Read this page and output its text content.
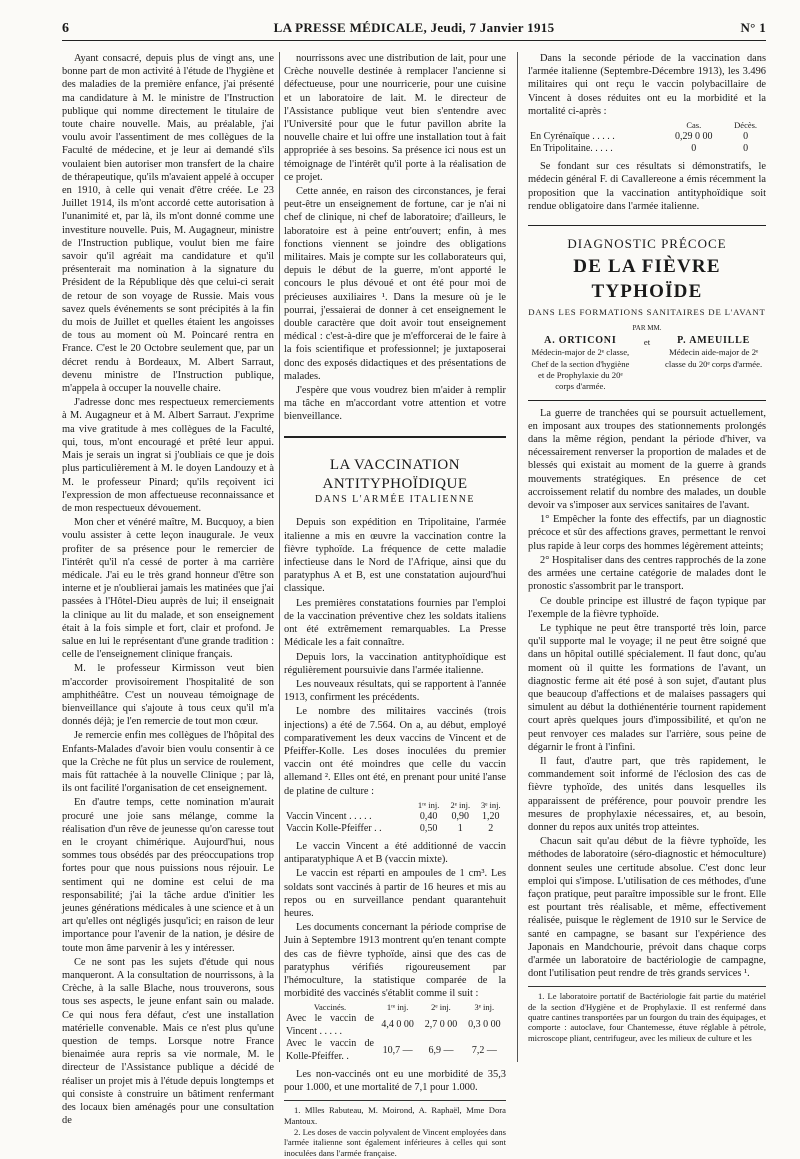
6	LA PRESSE MÉDICALE, Jeudi, 7 Janvier 1915	N° 1

Ayant consacré, depuis plus de vingt ans, une bonne part de mon activité à l'étude de l'hygiène et des maladies de la première enfance, j'ai présenté ma candidature à M. le ministre de l'Instruction publique qui nomme directement le titulaire de toute chaire nouvelle. Mais, au préalable, j'ai voulu avoir l'assentiment de mes collègues de la Faculté de médecine, et je leur ai demandé s'ils voulaient bien autoriser mon transfert de la chaire de thérapeutique, qu'ils m'avaient appelé à occuper en 1910, à celle qui venait d'être créée. Le 23 Juillet 1914, ils m'ont accordé cette autorisation à l'unanimité et, par là, ils m'ont donné comme une investiture nouvelle. Puis, M. Augagneur, ministre de l'Instruction publique, voulut bien me faire savoir qu'il agréait ma candidature et qu'il présenterait ma nomination à la signature du Président de la République dès que celui-ci serait de retour de son voyage de Russie. Mais vous savez quels événements se sont précipités à la fin du mois de Juillet et quelles étaient les angoisses de tous au moment où M. Poincaré rentra en France. C'est le 20 Octobre seulement que, par un décret rendu à Bordeaux, M. Albert Sarraut, devenu ministre de l'Instruction publique, m'appela à occuper la nouvelle chaire.

J'adresse donc mes respectueux remerciements à M. Augagneur et à M. Albert Sarraut. J'exprime ma vive gratitude à mes collègues de la Faculté, qui, tous, m'ont encouragé et prêté leur appui. Mais je serais un ingrat si j'oubliais ce que je dois plus particulièrement à M. le doyen Landouzy et à M. le professeur Pinard; qu'ils reçoivent ici l'expression de mon affectueuse reconnaissance et de mon respectueux dévouement.

Mon cher et vénéré maître, M. Bucquoy, a bien voulu assister à cette leçon inaugurale. Je veux profiter de sa présence pour le remercier de l'intérêt qu'il n'a cessé de porter à ma carrière médicale. J'ai eu le très grand honneur d'être son interne et je n'oublierai jamais les matinées que j'ai passées à l'Hôtel-Dieu auprès de lui; il enseignait la clinique au lit du malade, et son enseignement était à la fois simple et fort, clair et profond. Je salue en lui le représentant d'une grande tradition : celle de l'enseignement clinique français.

M. le professeur Kirmisson veut bien m'accorder provisoirement l'hospitalité de son amphithéâtre. C'est un nouveau témoignage de bienveillance qui s'ajoute à tous ceux qu'il m'a donnés déjà; je l'en remercie de tout mon cœur.

Je remercie enfin mes collègues de l'hôpital des Enfants-Malades d'avoir bien voulu consentir à ce que la Crèche ne fût plus un service de roulement, mais fût rattachée à la nouvelle Clinique ; par là, ils ont facilité l'organisation de cet enseignement.

En d'autre temps, cette nomination m'aurait procuré une joie sans mélange, comme la réalisation d'un rêve de jeunesse qu'on caresse tout en le croyant chimérique. Aujourd'hui, nous sommes tous obsédés par des préoccupations trop fortes pour que nous puissions nous réjouir. Le sentiment qui ne domine est celui de ma responsabilité; j'ai la tâche ardue d'initier les jeunes générations médicales à une science et à un art qu'elles ont négligés jusqu'ici; en raison de leur importance pour l'avenir de la nation, je désire de toute mon âme parvenir à les y intéresser.

Ce ne sont pas les sujets d'étude qui nous manqueront. A la consultation de nourrissons, à la Crèche, à la salle Blache, nous trouverons, sous tous ses aspects, le jeune enfant sain ou malade. Ce qui nous fera défaut, c'est une installation matérielle convenable. Mais ce n'est plus qu'une question de temps. Lorsque notre France bienaimée aura repris sa vie normale, M. le directeur de l'Assistance publique a décidé de réaliser un projet mis à l'étude depuis longtemps et qui consiste à construire un bâtiment renfermant des locaux bien aménagés pour une consultation de

nourrissons avec une distribution de lait, pour une Crèche nouvelle destinée à remplacer l'ancienne si défectueuse, pour une nourricerie, pour une cuisine et un laboratoire de lait. M. le directeur de l'Assistance publique veut bien s'entendre avec l'Université pour que le futur pavillon abrite la nouvelle chaire et lui offre une installation tout à fait appropriée à ses besoins. Sa présence ici nous est un témoignage de l'intérêt qu'il porte à la réalisation de ce projet.

Cette année, en raison des circonstances, je ferai peut-être un enseignement de fortune, car je n'ai ni chef de clinique, ni chef de laboratoire; d'ailleurs, le laboratoire est à peine entr'ouvert; enfin, à mes fonctions viennent se joindre des obligations militaires. Mais je compte sur les collaborateurs qui, depuis le début de la guerre, m'ont apporté le concours le plus dévoué et ont été pour moi de précieuses auxiliaires ¹. Dans la mesure où je le pourrai, j'essaierai de donner à cet enseignement le double caractère que doit avoir tout enseignement médical : c'est-à-dire que je m'efforcerai de le faire à la fois scientifique et professionnel; je juxtaposerai donc des exposés didactiques et des présentations de malades.

J'espère que vous voudrez bien m'aider à remplir ma tâche en m'accordant votre attention et votre bienveillance.

LA VACCINATION ANTITYPHOÏDIQUE
DANS L'ARMÉE ITALIENNE

Depuis son expédition en Tripolitaine, l'armée italienne a mis en œuvre la vaccination contre la fièvre typhoïde. La fréquence de cette maladie infectieuse dans le Nord de l'Afrique, ainsi que du paratyphus A et B, est une constatation aujourd'hui classique.

Les premières constatations fournies par l'emploi de la vaccination préventive chez les soldats italiens ont été extrêmement remarquables. La Presse Médicale les a fait connaître.

Depuis lors, la vaccination antityphoïdique est régulièrement poursuivie dans l'armée italienne.

Les nouveaux résultats, qui se rapportent à l'année 1913, confirment les précédents.

Le nombre des militaires vaccinés (trois injections) a été de 7.564. On a, au début, employé comparativement les deux vaccins de Vincent et de Pfeiffer-Kolle. Les doses inoculées du premier vaccin ont été moindres que celle du vaccin allemand ². Elles ont été, en prenant pour unité l'anse de platine de culture :

	1ʳᵉ inj.	2ᵉ inj.	3ᵉ inj.
Vaccin Vincent . . . . .	0,40	0,90	1,20
Vaccin Kolle-Pfeiffer . .	0,50	1	2

Le vaccin Vincent a été additionné de vaccin antiparatyphique A et B (vaccin mixte).

Le vaccin est réparti en ampoules de 1 cm³. Les soldats sont vaccinés à partir de 16 heures et mis au repos ou en surveillance pendant quarantehuit heures.

Les documents concernant la période comprise de Juin à Septembre 1913 montrent qu'en tenant compte des cas de fièvre typhoïde, ainsi que des cas de paratyphus vérifiés rigoureusement par l'hémoculture, la statistique comparée de la morbidité des vaccinés s'établit comme il suit :

Vaccinés.	1ʳᵉ inj.	2ᵉ inj.	3ᵉ inj.
Avec le vaccin de Vincent . . . . .	4,4 0 00	2,7 0 00	0,3 0 00
Avec le vaccin de Kolle-Pfeiffer. .	10,7 —	6,9 —	7,2 —

Les non-vaccinés ont eu une morbidité de 35,3 pour 1.000, et une mortalité de 7,1 pour 1.000.

1. Mlles Rabuteau, M. Moirond, A. Raphaël, Mme Dora Mantoux.

2. Les doses de vaccin polyvalent de Vincent employées dans l'armée italienne sont également inférieures à celles qui sont inoculées dans l'armée française.

Dans la seconde période de la vaccination dans l'armée italienne (Septembre-Décembre 1913), les 3.496 militaires qui ont reçu le vaccin polybacillaire de Vincent à doses réduites ont eu la morbidité et la mortalité ci-après :

	Cas.	Décès.
En Cyrénaïque . . . . .	0,29 0 00	0
En Tripolitaine. . . . .	0	0

Se fondant sur ces résultats si démonstratifs, le médecin général F. di Cavallereone a émis récemment la proposition que la vaccination antityphoïdique soit rendue obligatoire dans l'armée italienne.

DIAGNOSTIC PRÉCOCE
DE LA FIÈVRE TYPHOÏDE
DANS LES FORMATIONS SANITAIRES DE L'AVANT
PAR MM.
A. ORTICONI
Médecin-major de 2ᵉ classe, Chef de la section d'hygiène et de Prophylaxie du 20ᵉ corps d'armée.
et	P. AMEUILLE
Médecin aide-major de 2ᵉ classe du 20ᵉ corps d'armée.

La guerre de tranchées qui se poursuit actuellement, en imposant aux troupes des stationnements prolongés dans la même région, pendant la période d'hiver, va nécessairement renverser la proportion de malades et de blessés qui existait au moment de la guerre à grands mouvements stratégiques. En présence de cet accroissement relatif du nombre des malades, un double devoir va s'imposer aux services sanitaires de l'avant.

1° Empêcher la fonte des effectifs, par un diagnostic précoce et sûr des affections graves, permettant le renvoi plus rapide à leur corps des hommes légèrement atteints;

2° Hospitaliser dans des centres rapprochés de la zone des armées une certaine catégorie de malades dont le pronostic s'assombrit par le transport.

Ce double principe est illustré de façon typique par l'exemple de la fièvre typhoïde.

Le typhique ne peut être transporté très loin, parce qu'il supporte mal le voyage; il ne peut être soigné que dans un hôpital outillé spécialement. Il faut donc, qu'au moment où il quitte les formations de l'avant, un diagnostic ferme ait été posé à son sujet, d'autant plus que beaucoup d'affections et de malaises passagers qui simulent au début la dothiénentérie tournent rapidement court après quelques jours d'impossibilité, et qu'on ne peut renvoyer ces malades sur l'arrière, sous peine de dégarnir le front à l'infini.

Il faut, d'autre part, que très rapidement, le commandement soit informé de l'éclosion des cas de fièvre typhoïde, des unités dans lesquelles ils apparaissent de préférence, pour pouvoir prendre les mesures de prophylaxie nécessaires, et, au besoin, donner du repos aux unités trop atteintes.

Chacun sait qu'au début de la fièvre typhoïde, les méthodes de laboratoire (séro-diagnostic et hémoculture) donnent seules une certitude absolue. C'est donc leur emploi qui s'impose. L'utilisation de ces méthodes, d'une façon pratique, peut paraître impossible sur le front. Elle est pourtant très réalisable, et même, effectivement réalisée, puisque le règlement de 1910 sur le Service de santé en campagne, se basant sur l'expérience des Japonais en Mandchourie, prévoit dans chaque corps d'armée un laboratoire de bactériologie de campagne, dont l'utilisation peut rendre de très grands services ¹.

1. Le laboratoire portatif de Bactériologie fait partie du matériel de la section d'Hygiène et de Prophylaxie. Il est renfermé dans quatre cantines transportées par un fourgon du train des équipages, et comporte : autoclave, four Chantemesse, étuve réglable à pétrole, microscope pliant, centrifugeur, avec les milieux de culture et les
